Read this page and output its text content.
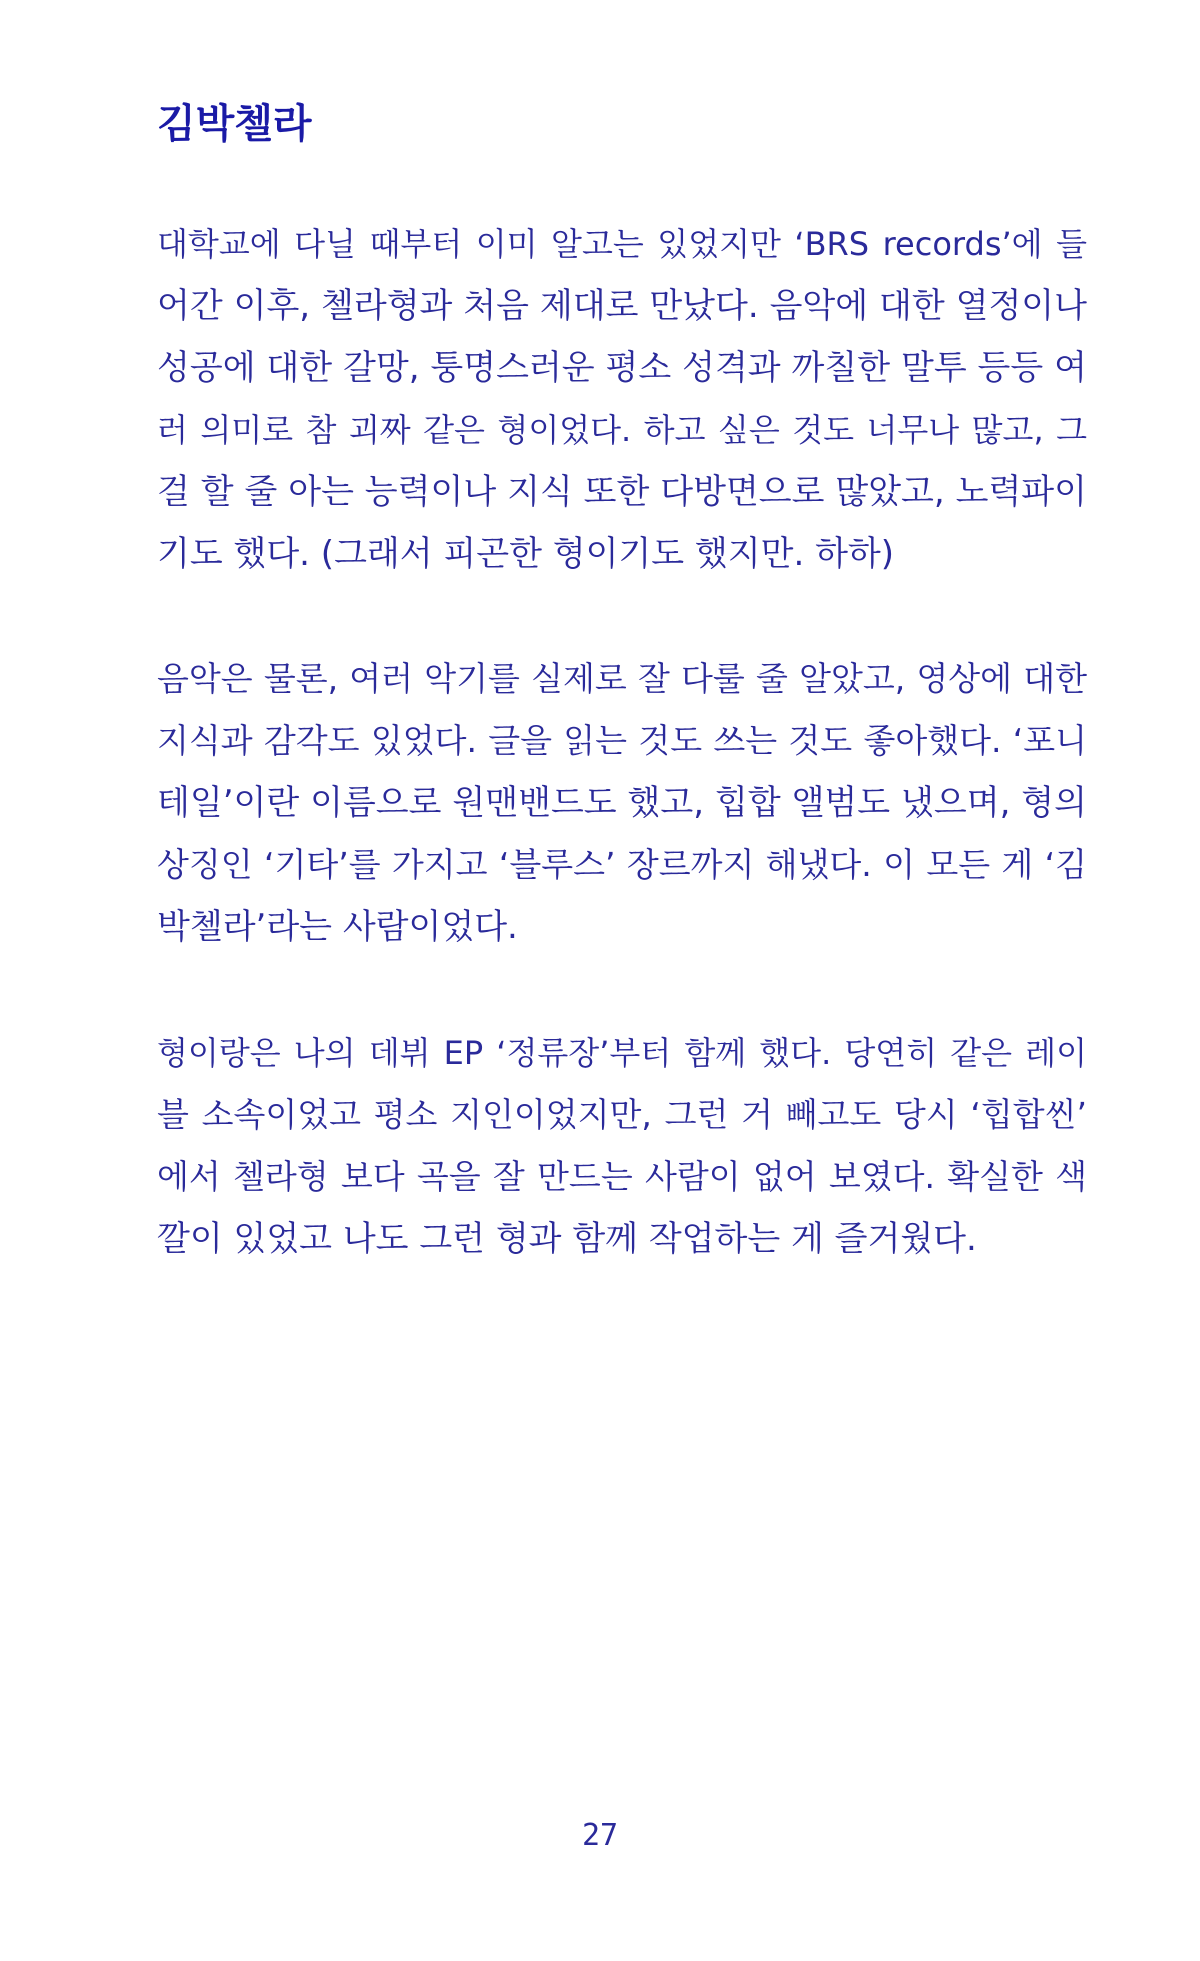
김박첼라
대학교에 다닐 때부터 이미 알고는 있었지만 ‘BRS records’에 들
어간 이후, 첼라형과 처음 제대로 만났다. 음악에 대한 열정이나
성공에 대한 갈망, 퉁명스러운 평소 성격과 까칠한 말투 등등 여
러 의미로 참 괴짜 같은 형이었다. 하고 싶은 것도 너무나 많고, 그
걸 할 줄 아는 능력이나 지식 또한 다방면으로 많았고, 노력파이
기도 했다. (그래서 피곤한 형이기도 했지만. 하하)
음악은 물론, 여러 악기를 실제로 잘 다룰 줄 알았고, 영상에 대한
지식과 감각도 있었다. 글을 읽는 것도 쓰는 것도 좋아했다. ‘포니
테일’이란 이름으로 원맨밴드도 했고, 힙합 앨범도 냈으며, 형의
상징인 ‘기타’를 가지고 ‘블루스’ 장르까지 해냈다. 이 모든 게 ‘김
박첼라’라는 사람이었다.
형이랑은 나의 데뷔 EP ‘정류장’부터 함께 했다. 당연히 같은 레이
블 소속이었고 평소 지인이었지만, 그런 거 빼고도 당시 ‘힙합씬’
에서 첼라형 보다 곡을 잘 만드는 사람이 없어 보였다. 확실한 색
깔이 있었고 나도 그런 형과 함께 작업하는 게 즐거웠다.
27
